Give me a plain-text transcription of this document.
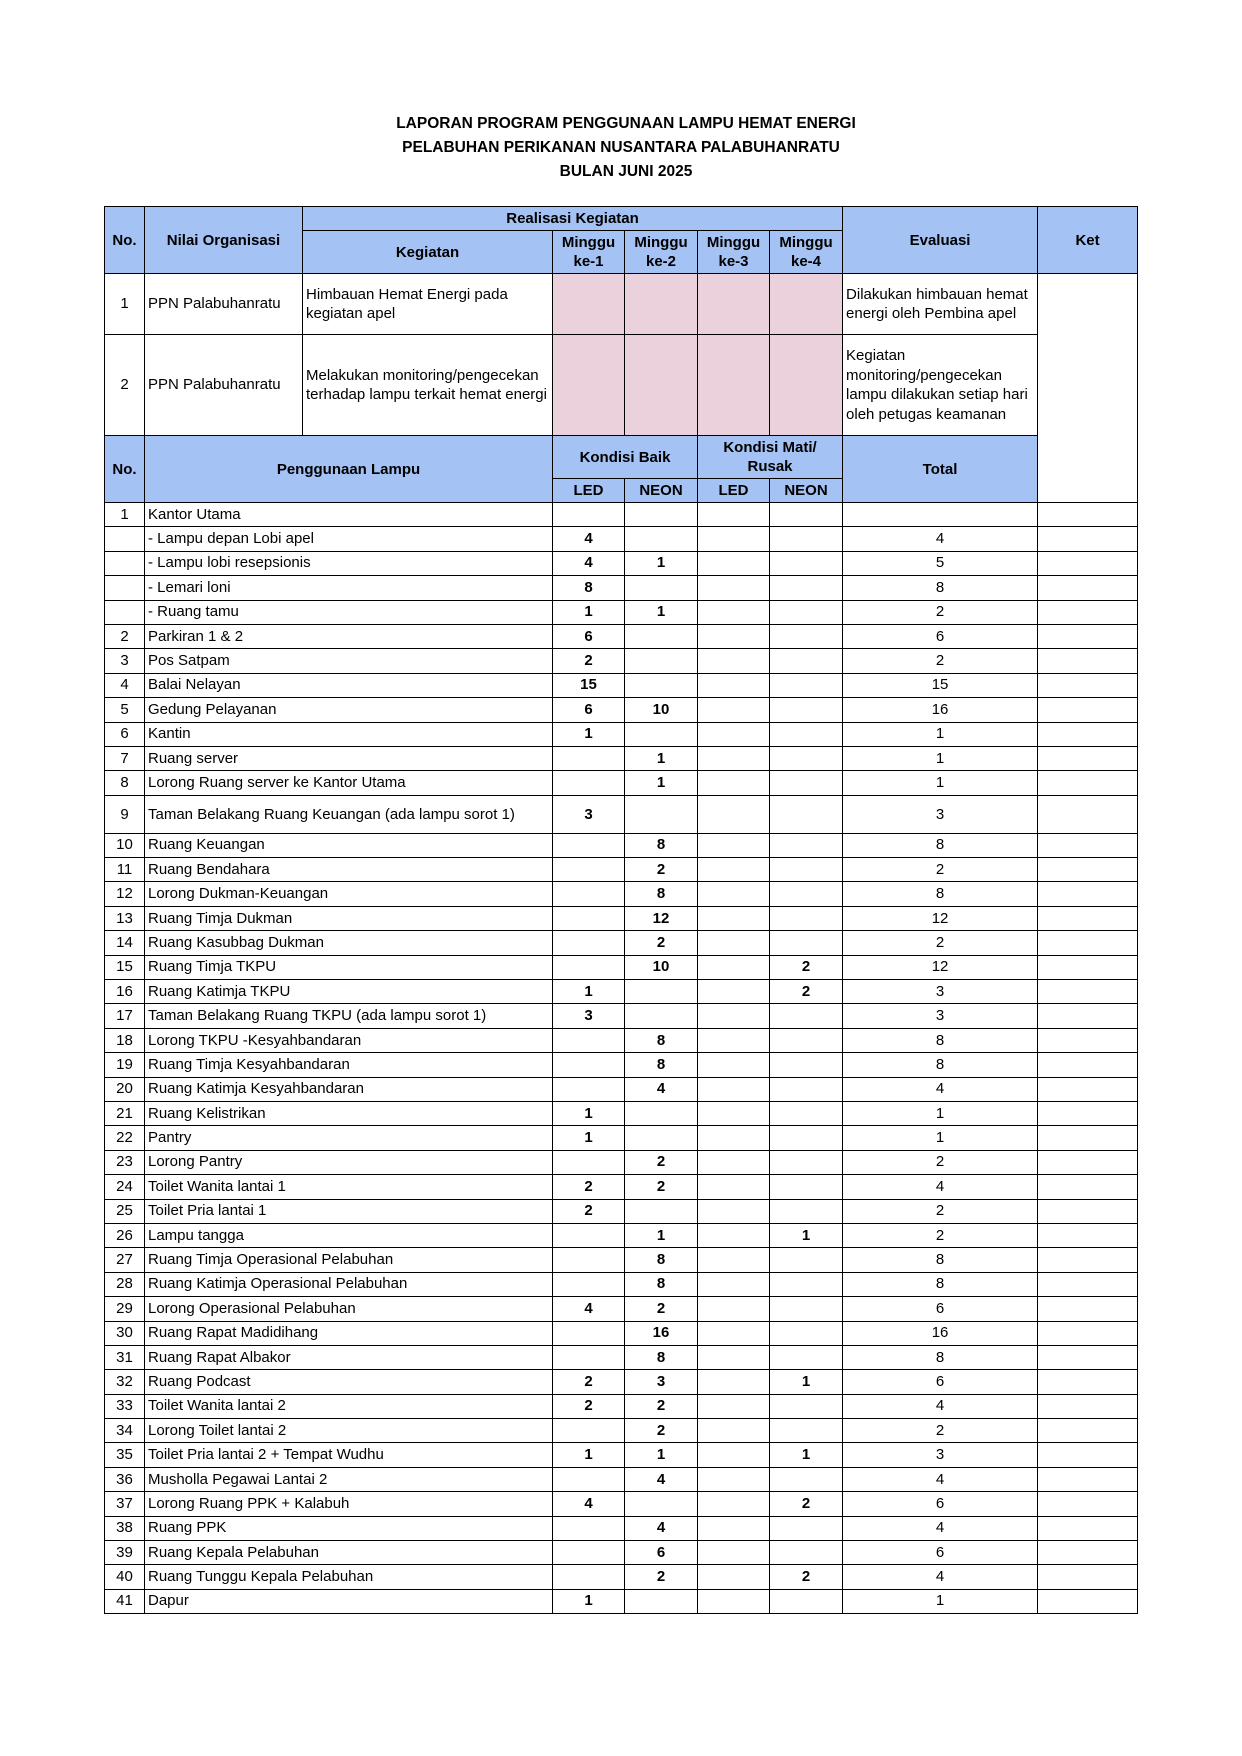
LAPORAN PROGRAM PENGGUNAAN LAMPU HEMAT ENERGI
PELABUHAN PERIKANAN NUSANTARA PALABUHANRATU
BULAN JUNI 2025
No.	Nilai Organisasi	Realisasi Kegiatan					Evaluasi	Ket
		Kegiatan	Minggu ke-1	Minggu ke-2	Minggu ke-3	Minggu ke-4		
1	PPN Palabuhanratu	Himbauan Hemat Energi pada kegiatan apel					Dilakukan himbauan hemat energi oleh Pembina apel	
2	PPN Palabuhanratu	Melakukan monitoring/pengecekan terhadap lampu terkait hemat energi					Kegiatan monitoring/pengecekan lampu dilakukan setiap hari oleh petugas keamanan	
No.	Penggunaan Lampu		Kondisi Baik		Kondisi Mati/ Rusak		Total	
			LED	NEON	LED	NEON		
1	Kantor Utama							
	- Lampu depan Lobi apel		4				4	
	- Lampu lobi resepsionis		4	1			5	
	- Lemari loni		8				8	
	- Ruang tamu		1	1			2	
2	Parkiran 1 & 2		6				6	
3	Pos Satpam		2				2	
4	Balai Nelayan		15				15	
5	Gedung Pelayanan		6	10			16	
6	Kantin		1				1	
7	Ruang server			1			1	
8	Lorong Ruang server ke Kantor Utama			1			1	
9	Taman Belakang Ruang Keuangan (ada lampu sorot 1)		3				3	
10	Ruang Keuangan			8			8	
11	Ruang Bendahara			2			2	
12	Lorong Dukman-Keuangan			8			8	
13	Ruang Timja Dukman			12			12	
14	Ruang Kasubbag Dukman			2			2	
15	Ruang Timja TKPU			10		2	12	
16	Ruang Katimja TKPU		1			2	3	
17	Taman Belakang Ruang TKPU (ada lampu sorot 1)		3				3	
18	Lorong TKPU -Kesyahbandaran			8			8	
19	Ruang Timja Kesyahbandaran			8			8	
20	Ruang Katimja Kesyahbandaran			4			4	
21	Ruang Kelistrikan		1				1	
22	Pantry		1				1	
23	Lorong Pantry			2			2	
24	Toilet Wanita lantai 1		2	2			4	
25	Toilet Pria lantai 1		2				2	
26	Lampu tangga			1		1	2	
27	Ruang Timja Operasional Pelabuhan			8			8	
28	Ruang Katimja Operasional Pelabuhan			8			8	
29	Lorong Operasional Pelabuhan		4	2			6	
30	Ruang Rapat Madidihang			16			16	
31	Ruang Rapat Albakor			8			8	
32	Ruang Podcast		2	3		1	6	
33	Toilet Wanita lantai 2		2	2			4	
34	Lorong Toilet lantai 2			2			2	
35	Toilet Pria lantai 2 + Tempat Wudhu		1	1		1	3	
36	Musholla Pegawai Lantai 2			4			4	
37	Lorong Ruang PPK + Kalabuh		4			2	6	
38	Ruang PPK			4			4	
39	Ruang Kepala Pelabuhan			6			6	
40	Ruang Tunggu Kepala Pelabuhan			2		2	4	
41	Dapur		1				1	
